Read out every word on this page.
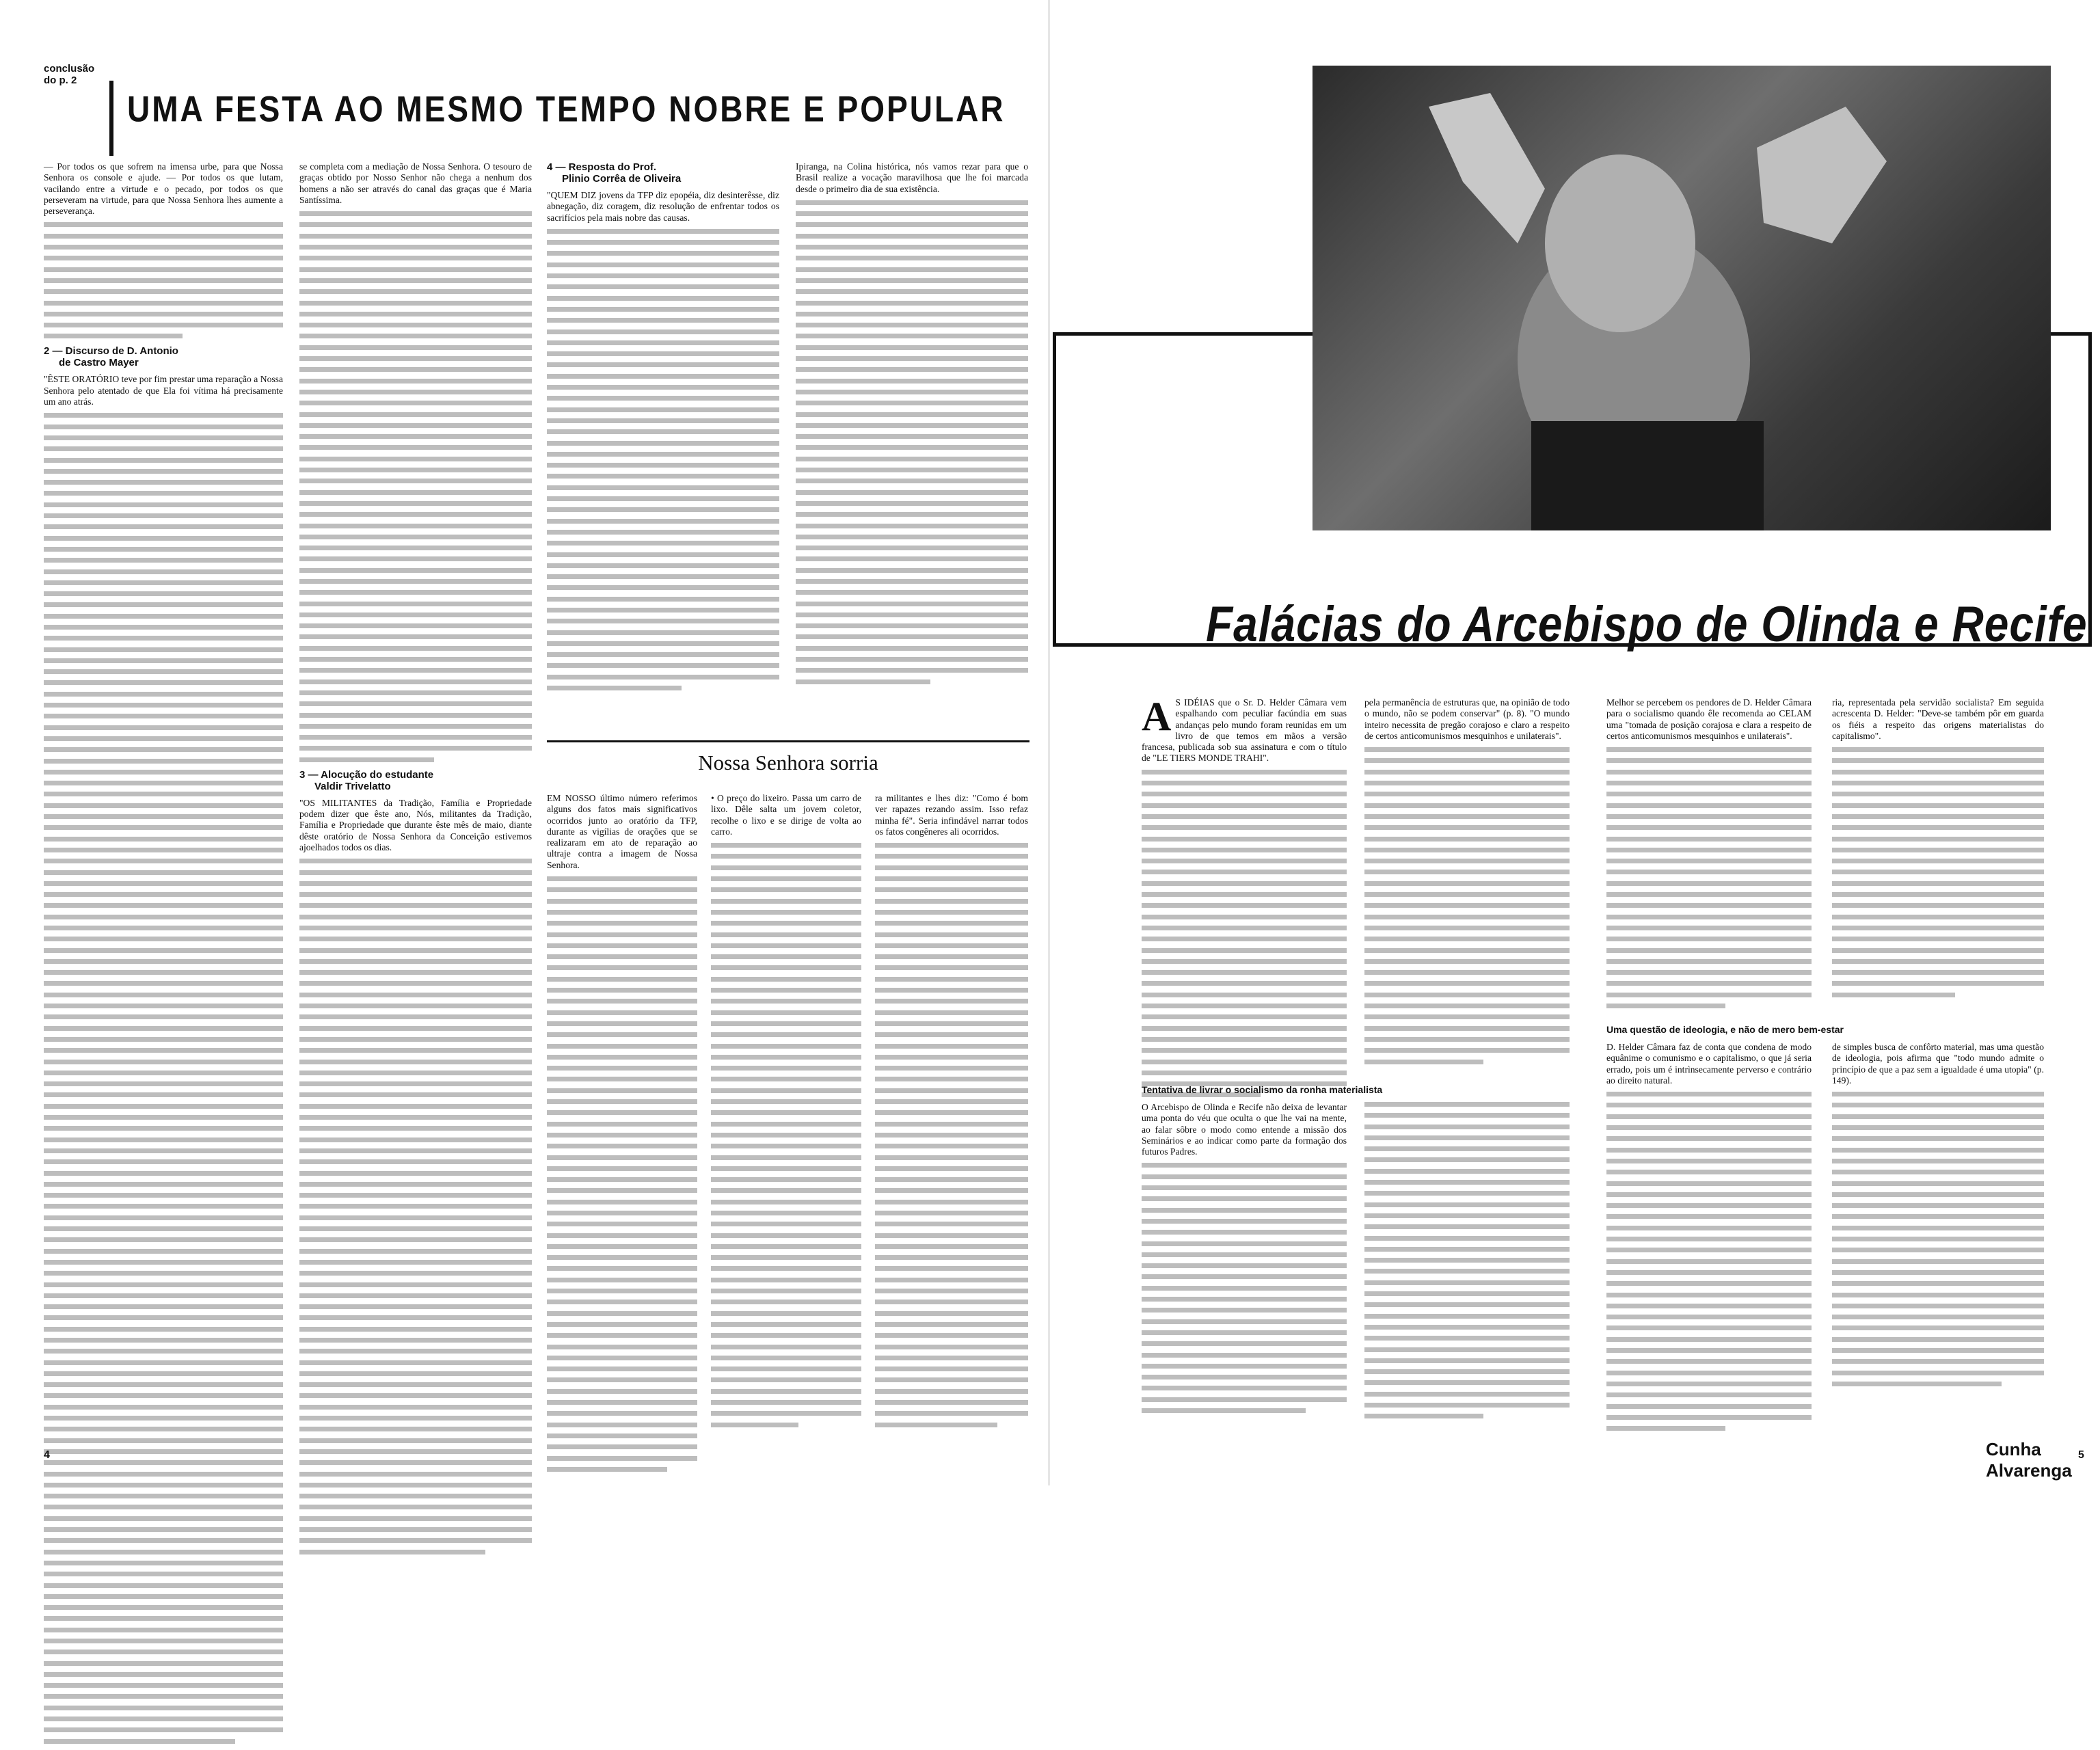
conclusão
do p. 2
UMA FESTA AO MESMO TEMPO NOBRE E POPULAR

— Por todos os que sofrem na imensa urbe, para que Nossa Senhora os console e ajude. — Por todos os que lutam, vacilando entre a virtude e o pecado, por todos os que perseveram na virtude, para que Nossa Senhora lhes aumente a perseverança.

2 — Discurso de D. Antonio
de Castro Mayer

"ÊSTE ORATÓRIO teve por fim prestar uma reparação a Nossa Senhora pelo atentado de que Ela foi vítima há precisamente um ano atrás.

se completa com a mediação de Nossa Senhora. O tesouro de graças obtido por Nosso Senhor não chega a nenhum dos homens a não ser através do canal das graças que é Maria Santíssima.

3 — Alocução do estudante
Valdir Trivelatto

"OS MILITANTES da Tradição, Família e Propriedade podem dizer que êste ano, Nós, militantes da Tradição, Família e Propriedade que durante êste mês de maio, diante dêste oratório de Nossa Senhora da Conceição estivemos ajoelhados todos os dias.

4 — Resposta do Prof.
Plinio Corrêa de Oliveira

"QUEM DIZ jovens da TFP diz epopéia, diz desinterêsse, diz abnegação, diz coragem, diz resolução de enfrentar todos os sacrifícios pela mais nobre das causas.

Ipiranga, na Colina histórica, nós vamos rezar para que o Brasil realize a vocação maravilhosa que lhe foi marcada desde o primeiro dia de sua existência.

Nossa Senhora sorria

EM NOSSO último número referimos alguns dos fatos mais significativos ocorridos junto ao oratório da TFP, durante as vigílias de orações que se realizaram em ato de reparação ao ultraje contra a imagem de Nossa Senhora.

• O preço do lixeiro. Passa um carro de lixo. Dêle salta um jovem coletor, recolhe o lixo e se dirige de volta ao carro.

ra militantes e lhes diz: "Como é bom ver rapazes rezando assim. Isso refaz minha fé". Seria infindável narrar todos os fatos congêneres ali ocorridos.

4
Falácias do Arcebispo de Olinda e Recife

A S IDÉIAS que o Sr. D. Helder Câmara vem espalhando com peculiar facúndia em suas andanças pelo mundo foram reunidas em um livro de que temos em mãos a versão francesa, publicada sob sua assinatura e com o título de "LE TIERS MONDE TRAHI".

pela permanência de estruturas que, na opinião de todo o mundo, não se podem conservar" (p. 8). "O mundo inteiro necessita de pregão corajoso e claro a respeito de certos anticomunismos mesquinhos e unilaterais".

Tentativa de livrar o socialismo da ronha materialista

O Arcebispo de Olinda e Recife não deixa de levantar uma ponta do véu que oculta o que lhe vai na mente, ao falar sôbre o modo como entende a missão dos Seminários e ao indicar como parte da formação dos futuros Padres.

Melhor se percebem os pendores de D. Helder Câmara para o socialismo quando êle recomenda ao CELAM uma "tomada de posição corajosa e clara a respeito de certos anticomunismos mesquinhos e unilaterais".

ria, representada pela servidão socialista? Em seguida acrescenta D. Helder: "Deve-se também pôr em guarda os fiéis a respeito das origens materialistas do capitalismo".

Uma questão de ideologia, e não de mero bem-estar

D. Helder Câmara faz de conta que condena de modo equânime o comunismo e o capitalismo, o que já seria errado, pois um é intrìnsecamente perverso e contrário ao direito natural.

de simples busca de confôrto material, mas uma questão de ideologia, pois afirma que "todo mundo admite o princípio de que a paz sem a igualdade é uma utopia" (p. 149).

Cunha Alvarenga
5
